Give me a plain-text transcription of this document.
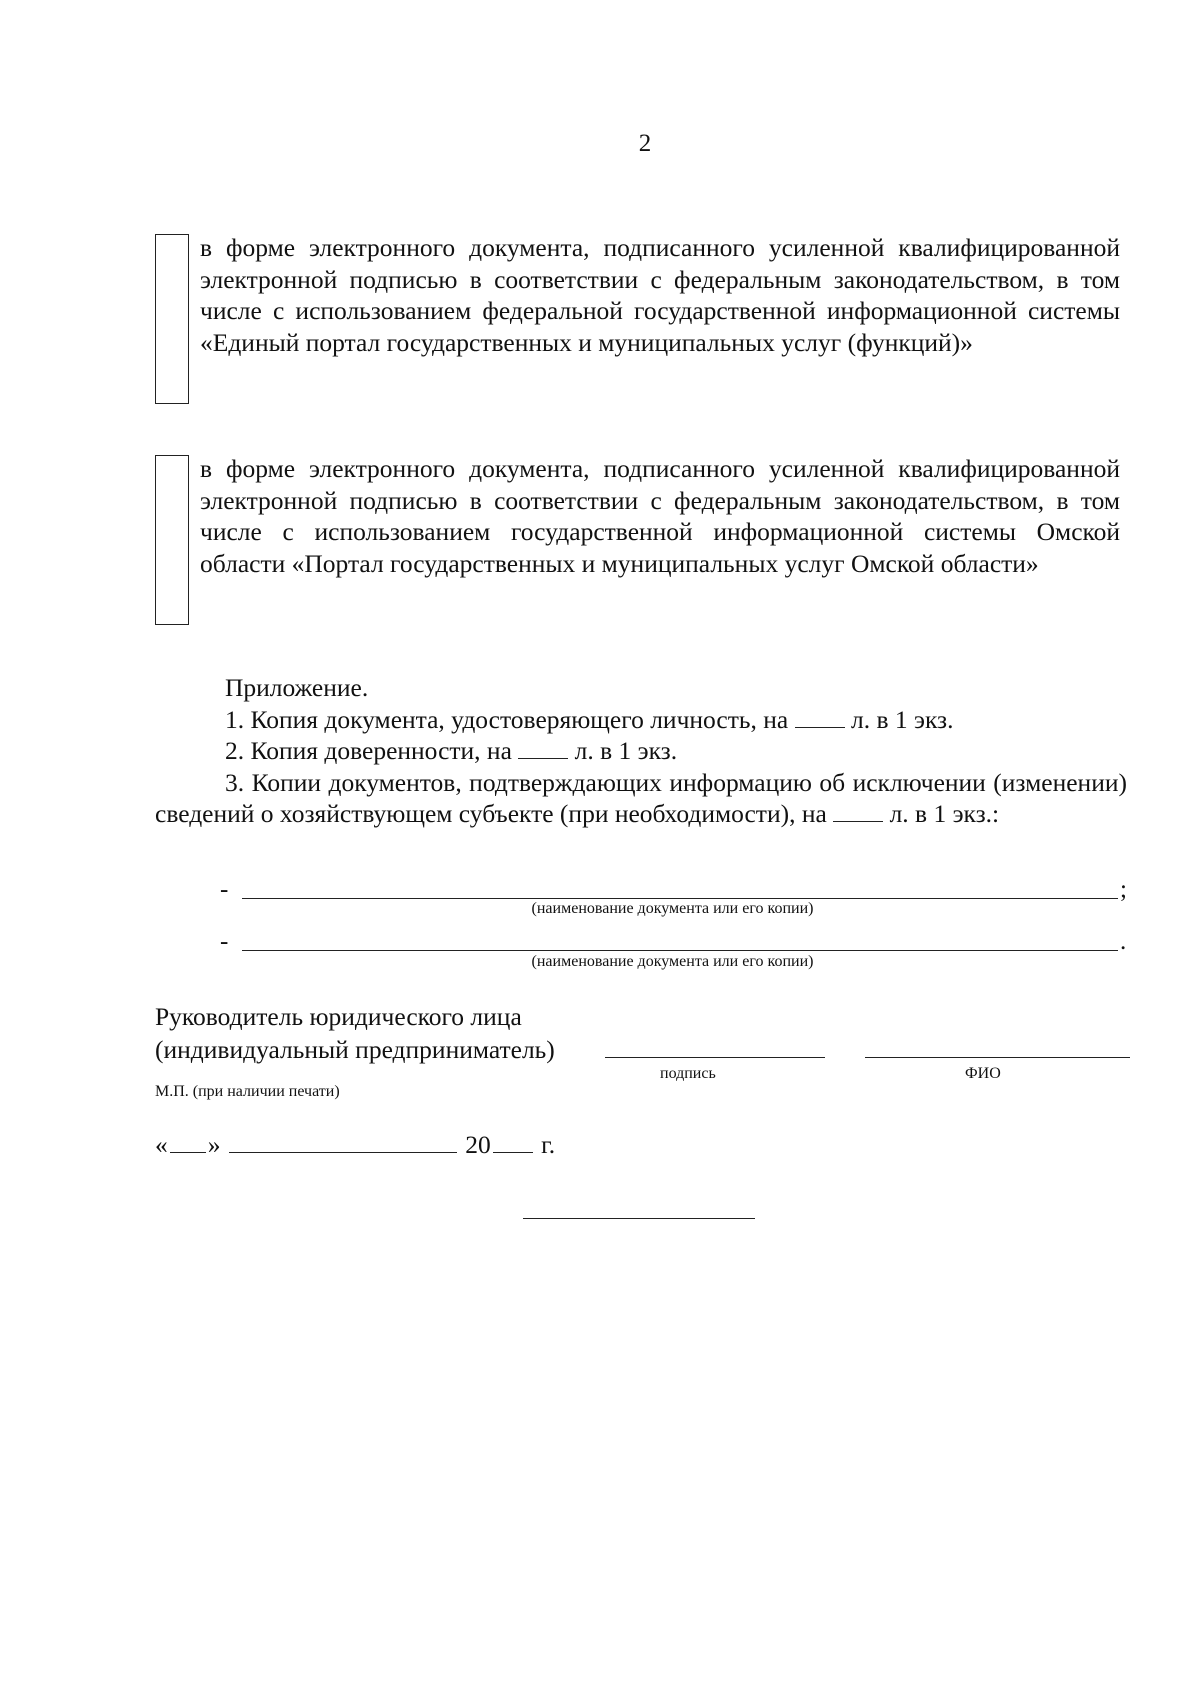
2
в форме электронного документа, подписанного усиленной квалифицированной электронной подписью в соответствии с федеральным законодательством, в том числе с использованием федеральной государственной информационной системы «Единый портал государственных и муниципальных услуг (функций)»
в форме электронного документа, подписанного усиленной квалифицированной электронной подписью в соответствии с федеральным законодательством, в том числе с использованием государственной информационной системы Омской области «Портал государственных и муниципальных услуг Омской области»

Приложение.

1. Копия документа, удостоверяющего личность, на л. в 1 экз.

2. Копия доверенности, на л. в 1 экз.

3. Копии документов, подтверждающих информацию об исключении (изменении) сведений о хозяйствующем субъекте (при необходимости), на л. в 1 экз.:

-	;
(наименование документа или его копии)
-	.
(наименование документа или его копии)
Руководитель юридического лица
(индивидуальный предприниматель)
подпись	ФИО
М.П. (при наличии печати)
« »	20 г.
